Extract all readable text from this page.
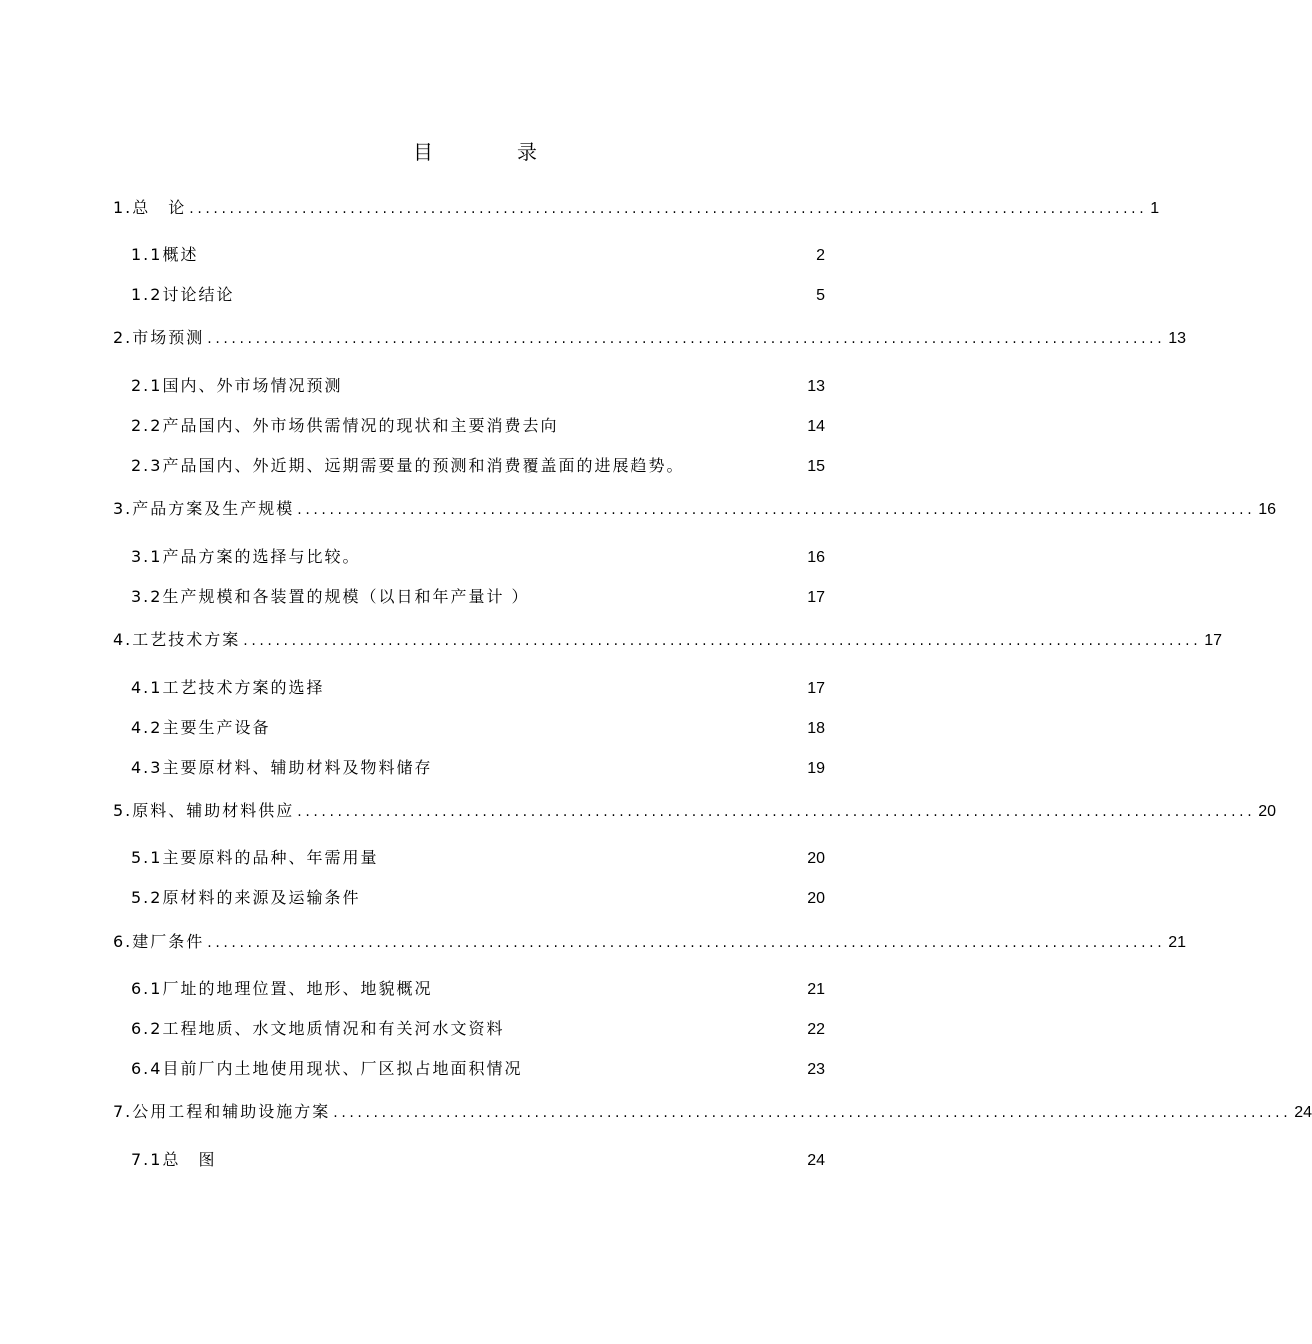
目　录
1.总　论 ....................................................................................................................... 1
1.1概述	2
1.2讨论结论	5
2.市场预测 ....................................................................................................................... 13
2.1国内、外市场情况预测	13
2.2产品国内、外市场供需情况的现状和主要消费去向	14
2.3产品国内、外近期、远期需要量的预测和消费覆盖面的进展趋势。	15
3.产品方案及生产规模 ....................................................................................................................... 16
3.1产品方案的选择与比较。	16
3.2生产规模和各装置的规模（以日和年产量计 ）	17
4.工艺技术方案 ....................................................................................................................... 17
4.1工艺技术方案的选择	17
4.2主要生产设备	18
4.3主要原材料、辅助材料及物料储存	19
5.原料、辅助材料供应 ....................................................................................................................... 20
5.1主要原料的品种、年需用量	20
5.2原材料的来源及运输条件	20
6.建厂条件 ....................................................................................................................... 21
6.1厂址的地理位置、地形、地貌概况	21
6.2工程地质、水文地质情况和有关河水文资料	22
6.4目前厂内土地使用现状、厂区拟占地面积情况	23
7.公用工程和辅助设施方案 ....................................................................................................................... 24
7.1总　图	24
